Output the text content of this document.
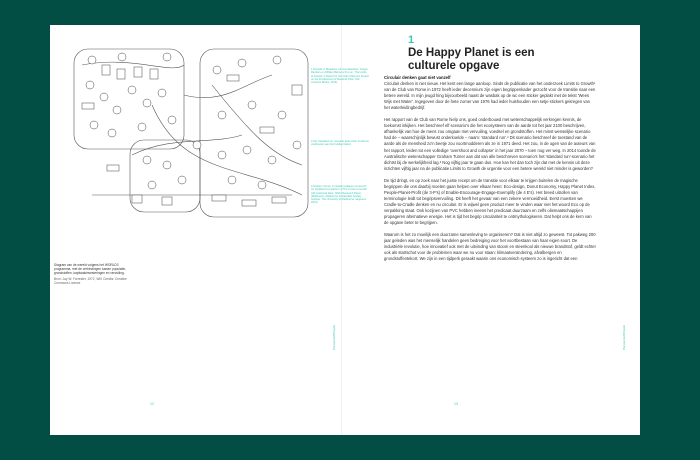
Diagram van de wereld volgens het WORLD3 programma, met de verbindingen tussen populatie, grondstoffen, kapitaalsinvesteringen en vervuiling.
Bron: Jay W. Forrester, 1972, WiX Credits: Creative Commons License
Perspectief/Projekt
12
1 Donella H. Meadows, Dennis Meadows, Jørgen Randers en William Behrens III et al., The Limits to Growth: A Report for the Club of Rome's Project on the Predicament of Mankind (New York: Universe Books, 1972).
2 Het 'standard run' scenario gaat ervan uit dat we vasthouden aan het huidige beleid.
3 Graham Turner, 'Is Global Collapse Imminent? An Updated Comparison of The Limits to Growth with Historical Data', MSSI Research Paper, (Melbourne: Melbourne Sustainable Society Institute, The University of Melbourne, augustus 2014).
1
De Happy Planet is een culturele opgave
Circulair denken gaat niet vanzelf

Circulair denken is niet nieuw. Het kent een lange aanloop. Sinds de publicatie van het onderzoek Limits to Growth¹ van de Club van Rome in 1972 heeft ieder decennium zijn eigen begrippenkader gezocht voor de transitie naar een betere wereld. In mijn jeugd hing bijvoorbeeld naast de wasbak op de wc een sticker geplakt met de tekst 'Wees Wijs met Water'. Ingegeven door de hete zomer van 1976 had ieder huishouden een setje stickers gekregen van het waterleidingbedrijf.

Het rapport van de Club van Rome hielp ons, goed onderbouwd met wetenschappelijk verkregen kennis, de toekomst inkijken. Het beschreef elf scenario's die het ecosysteem van de aarde tot het jaar 2100 beschrijven, afhankelijk van hoe de mens zou omgaan met vervuiling, voedsel en grondstoffen. Het minst wenselijke scenario had de – waarschijnlijk bewust onderkoelde – naam: 'standard run'.² Dit scenario beschreef de toestand van de aarde als de mensheid zo'n beetje zou voortmodderen als ze in 1971 deed. Het zou, in de ogen van de auteurs van het rapport, leiden tot een volledige 'overshoot and collapse' in het jaar 2070 – toen nog ver weg. In 2014 toonde de Australische wetenschapper Graham Turner aan dat van alle beschreven scenario's het 'standard run'-scenario het dichtst bij de werkelijkheid lag.³ Nog vijftig jaar te gaan dus. Hoe kan het dan toch zijn dat met de kennis uit deze inzichten vijftig jaar na de publicatie Limits to Growth de urgentie voor een betere wereld niet minder is geworden?

De tijd dringt, en op zoek naar het juiste recept om de transitie voor elkaar te krijgen buitelen de magische begrippen die ons daarbij moeten gaan helpen over elkaar heen: Eco-design, Donut Economy, Happy Planet Index, People-Planet-Profit (de 3-P's) of Enable-Encourage-Engage-Exemplify (de 4 E's). Het breed uitrollen van terminologie leidt tot begripsvervuiling. Dit heeft het gevaar van een zekere vermoeidheid. Eerst moesten we Cradle-to-Cradle denken en nu circulair. Er is wijwel geen product meer te vinden waar niet het woord Eco op de verpakking staat. Ook kozijnen van PVC hebben ineens het predicaat duurzaam en zelfs oliemaatschappijen propageren alternatieve energie. Het is tijd het begrip circulariteit te ontmythologiseren. Dat helpt ons de kern van de opgave beter te begrijpen.

Waarom is het zo moeilijk een duurzame samenleving te organiseren? Dat is niet altijd zo geweest. Tot pakweg 200 jaar geleden was het menselijk handelen geen bedreiging voor het voortbestaan van haar eigen soort. De industriële revolutie, hoe innovatief ook met de uitvinding van stoom en steenkool als nieuwe brandstof, geldt echter ook als startschot voor de problemen waar we nu voor staan: klimaatverandering, afvalbergen en grondstoffentekort. We zijn in een tijdperk geraakt waarin ons economisch systeem zo is ingericht dat een

Perspectief/Projekt
13
